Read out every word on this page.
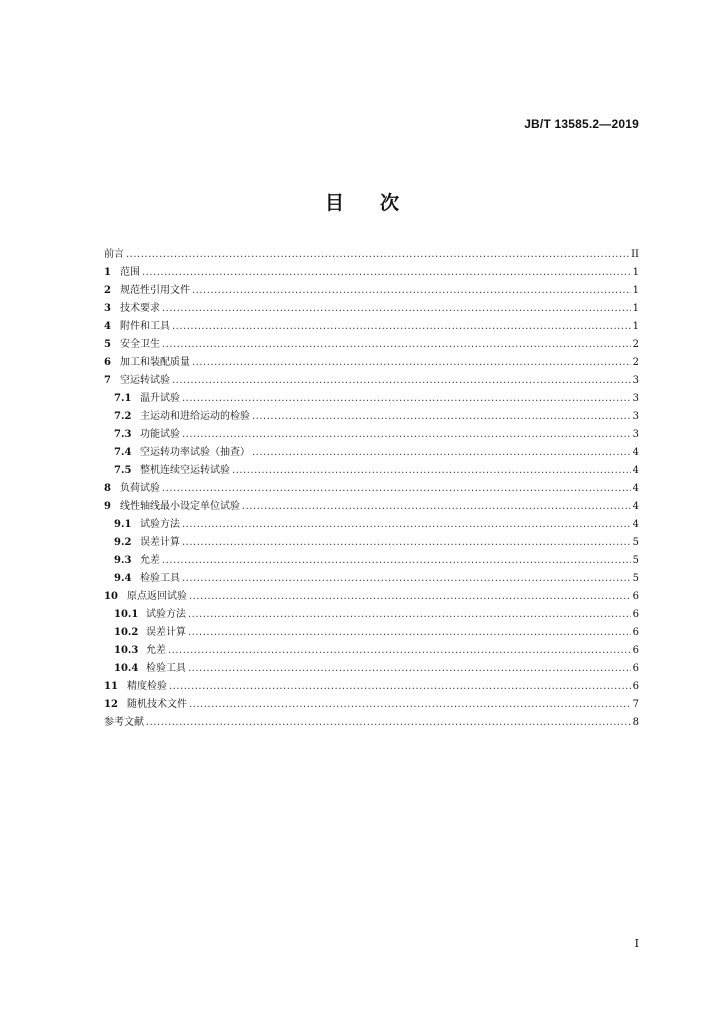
JB/T 13585.2—2019
目 次
前言 .....	II
1 范围 .....	1
2 规范性引用文件 .....	1
3 技术要求 .....	1
4 附件和工具 .....	1
5 安全卫生 .....	2
6 加工和装配质量 .....	2
7 空运转试验 .....	3
7.1 温升试验 .....	3
7.2 主运动和进给运动的检验 .....	3
7.3 功能试验 .....	3
7.4 空运转功率试验（抽查） .....	4
7.5 整机连续空运转试验 .....	4
8 负荷试验 .....	4
9 线性轴线最小设定单位试验 .....	4
9.1 试验方法 .....	4
9.2 误差计算 .....	5
9.3 允差 .....	5
9.4 检验工具 .....	5
10 原点返回试验 .....	6
10.1 试验方法 .....	6
10.2 误差计算 .....	6
10.3 允差 .....	6
10.4 检验工具 .....	6
11 精度检验 .....	6
12 随机技术文件 .....	7
参考文献 .....	8
I
